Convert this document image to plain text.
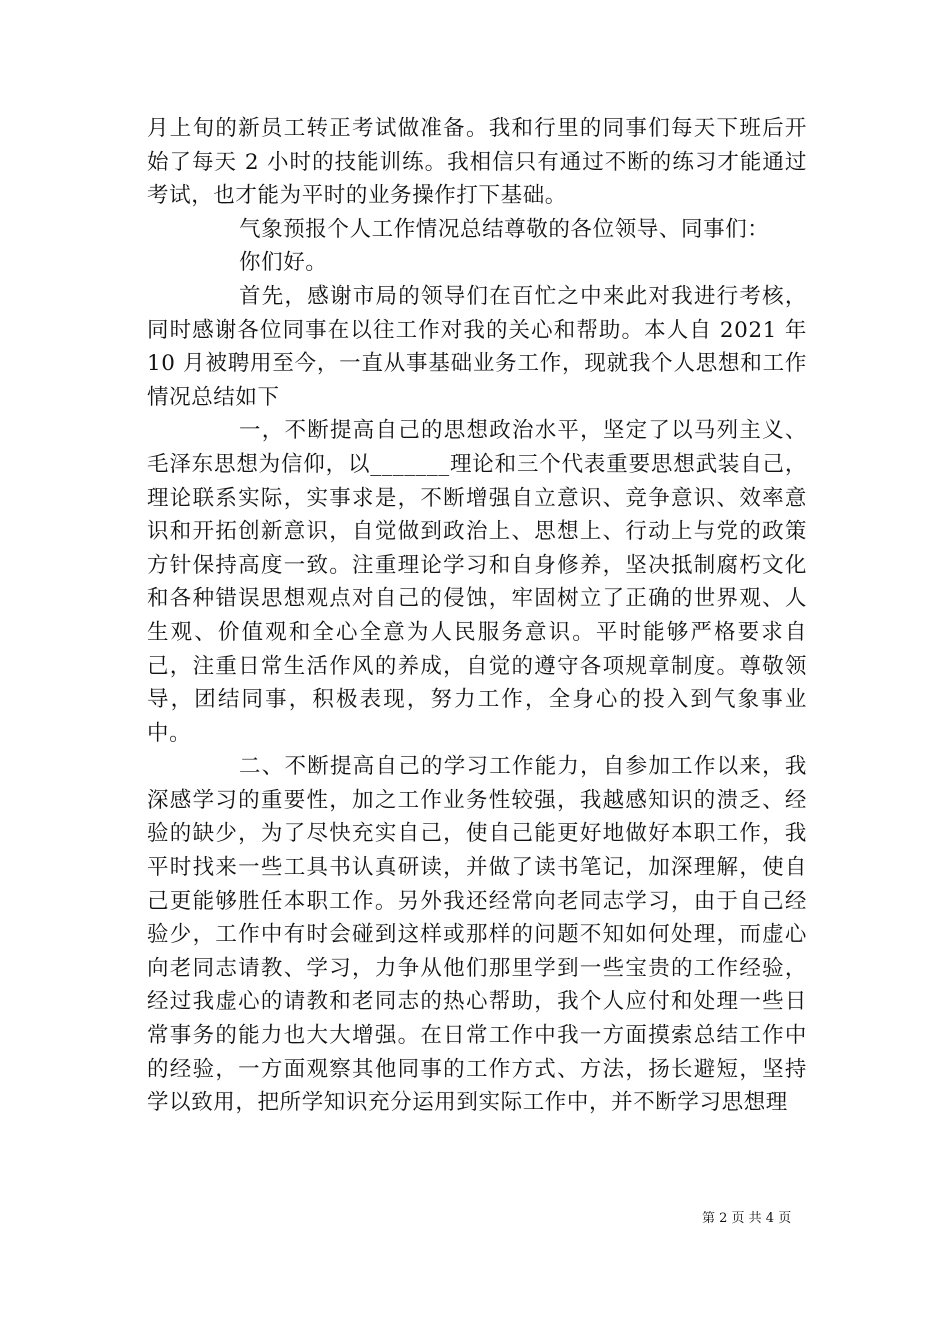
月上旬的新员工转正考试做准备。我和行里的同事们每天下班后开始了每天 2 小时的技能训练。我相信只有通过不断的练习才能通过考试，也才能为平时的业务操作打下基础。

气象预报个人工作情况总结尊敬的各位领导、同事们：

你们好。

首先，感谢市局的领导们在百忙之中来此对我进行考核，同时感谢各位同事在以往工作对我的关心和帮助。本人自 2021 年 10 月被聘用至今，一直从事基础业务工作，现就我个人思想和工作情况总结如下

一，不断提高自己的思想政治水平，坚定了以马列主义、毛泽东思想为信仰，以_______理论和三个代表重要思想武装自己，理论联系实际，实事求是，不断增强自立意识、竞争意识、效率意识和开拓创新意识，自觉做到政治上、思想上、行动上与党的政策方针保持高度一致。注重理论学习和自身修养，坚决抵制腐朽文化和各种错误思想观点对自己的侵蚀，牢固树立了正确的世界观、人生观、价值观和全心全意为人民服务意识。平时能够严格要求自己，注重日常生活作风的养成，自觉的遵守各项规章制度。尊敬领导，团结同事，积极表现，努力工作，全身心的投入到气象事业中。

二、不断提高自己的学习工作能力，自参加工作以来，我深感学习的重要性，加之工作业务性较强，我越感知识的溃乏、经验的缺少，为了尽快充实自己，使自己能更好地做好本职工作，我平时找来一些工具书认真研读，并做了读书笔记，加深理解，使自己更能够胜任本职工作。另外我还经常向老同志学习，由于自己经验少，工作中有时会碰到这样或那样的问题不知如何处理，而虚心向老同志请教、学习，力争从他们那里学到一些宝贵的工作经验，经过我虚心的请教和老同志的热心帮助，我个人应付和处理一些日常事务的能力也大大增强。在日常工作中我一方面摸索总结工作中的经验，一方面观察其他同事的工作方式、方法，扬长避短，坚持学以致用，把所学知识充分运用到实际工作中，并不断学习思想理

第 2 页 共 4 页
